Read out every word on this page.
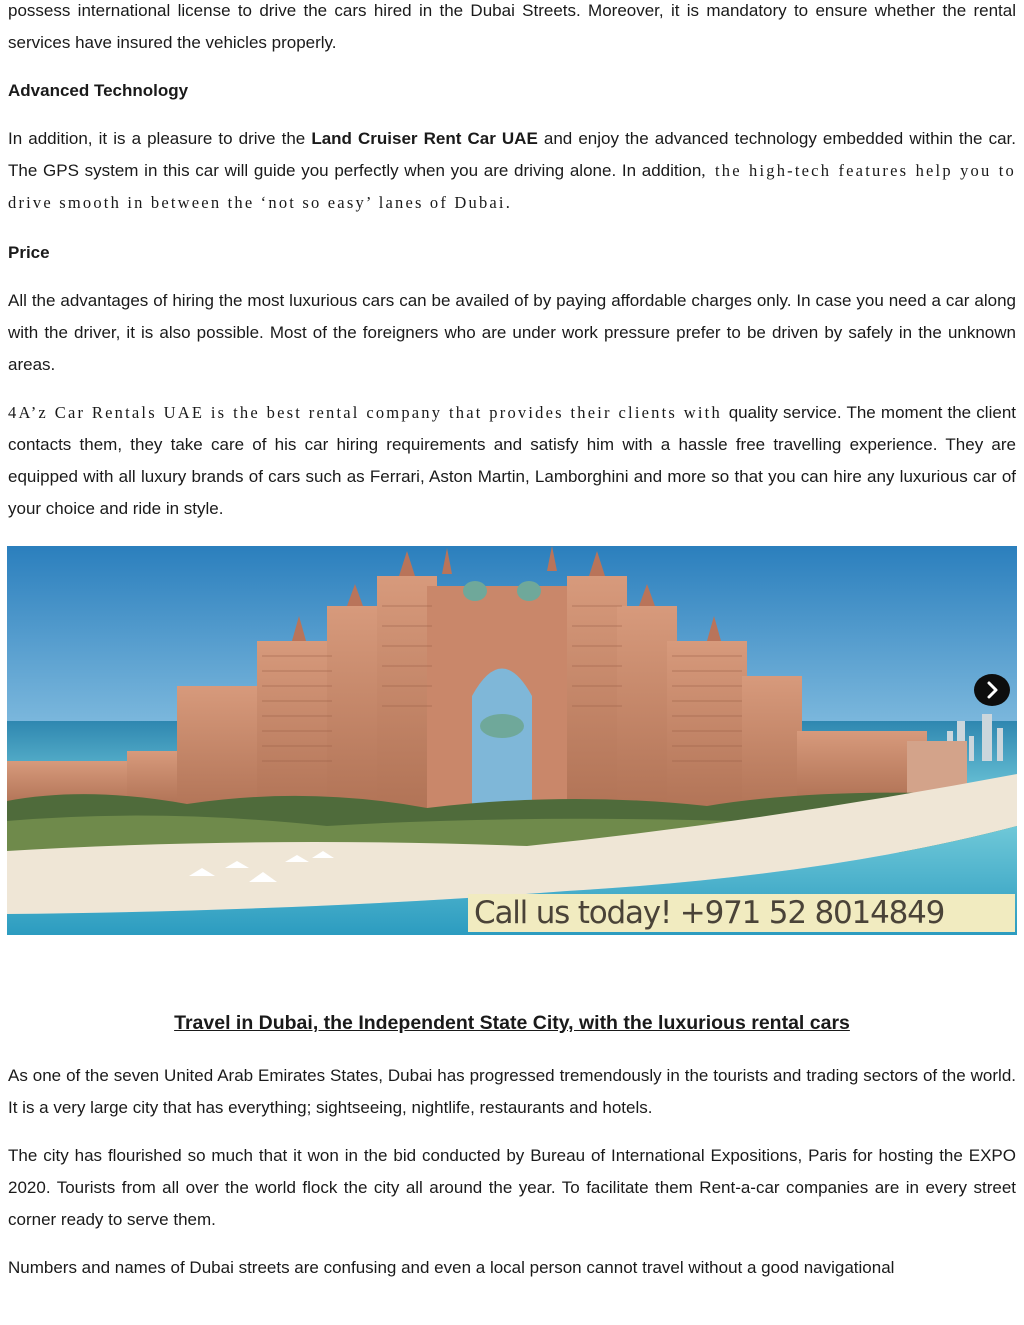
possess international license to drive the cars hired in the Dubai Streets. Moreover, it is mandatory to ensure whether the rental services have insured the vehicles properly.

Advanced Technology

In addition, it is a pleasure to drive the Land Cruiser Rent Car UAE and enjoy the advanced technology embedded within the car. The GPS system in this car will guide you perfectly when you are driving alone. In addition, the high-tech features help you to drive smooth in between the ‘not so easy’ lanes of Dubai.

Price

All the advantages of hiring the most luxurious cars can be availed of by paying affordable charges only. In case you need a car along with the driver, it is also possible. Most of the foreigners who are under work pressure prefer to be driven by safely in the unknown areas.

4A’z Car Rentals UAE is the best rental company that provides their clients with quality service. The moment the client contacts them, they take care of his car hiring requirements and satisfy him with a hassle free travelling experience. They are equipped with all luxury brands of cars such as Ferrari, Aston Martin, Lamborghini and more so that you can hire any luxurious car of your choice and ride in style.

Call us today! +971 52 8014849
Travel in Dubai, the Independent State City, with the luxurious rental cars

As one of the seven United Arab Emirates States, Dubai has progressed tremendously in the tourists and trading sectors of the world. It is a very large city that has everything; sightseeing, nightlife, restaurants and hotels.

The city has flourished so much that it won in the bid conducted by Bureau of International Expositions, Paris for hosting the EXPO 2020. Tourists from all over the world flock the city all around the year. To facilitate them Rent-a-car companies are in every street corner ready to serve them.

Numbers and names of Dubai streets are confusing and even a local person cannot travel without a good navigational
